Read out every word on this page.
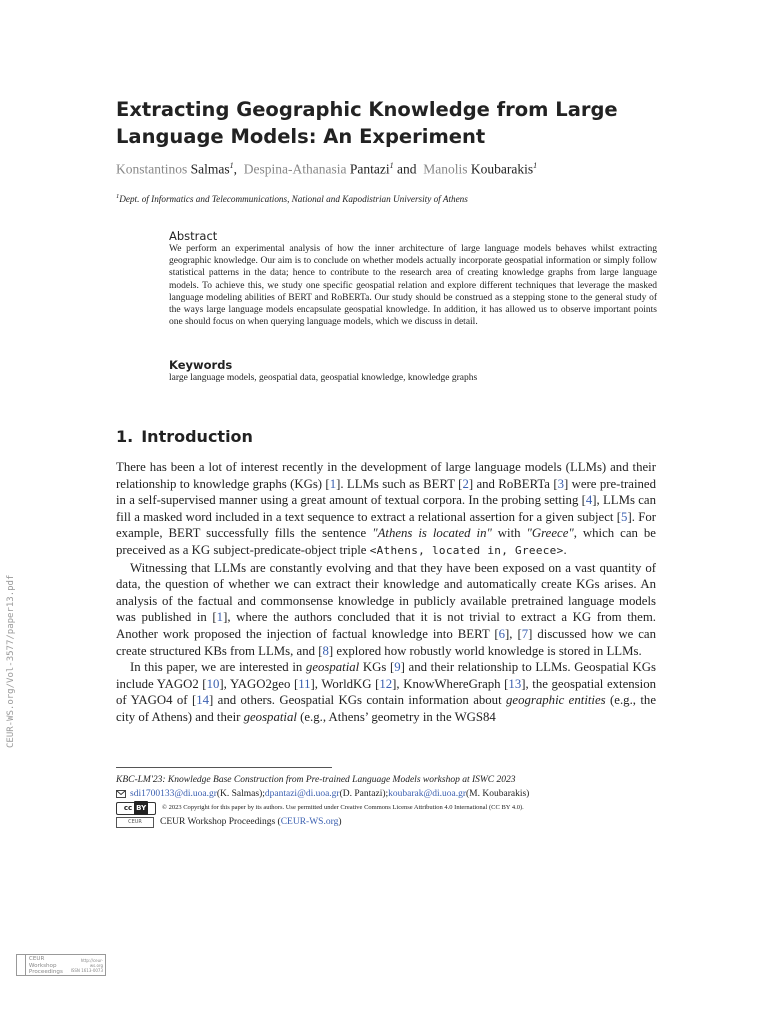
Extracting Geographic Knowledge from Large Language Models: An Experiment
Konstantinos Salmas$^1$, Despina-Athanasia Pantazi$^1$ and Manolis Koubarakis$^1$
$^1$Dept. of Informatics and Telecommunications, National and Kapodistrian University of Athens
Abstract
We perform an experimental analysis of how the inner architecture of large language models behaves whilst extracting geographic knowledge. Our aim is to conclude on whether models actually incorporate geospatial information or simply follow statistical patterns in the data; hence to contribute to the research area of creating knowledge graphs from large language models. To achieve this, we study one specific geospatial relation and explore different techniques that leverage the masked language modeling abilities of BERT and RoBERTa. Our study should be construed as a stepping stone to the general study of the ways large language models encapsulate geospatial knowledge. In addition, it has allowed us to observe important points one should focus on when querying language models, which we discuss in detail.
Keywords
large language models, geospatial data, geospatial knowledge, knowledge graphs
1. Introduction

There has been a lot of interest recently in the development of large language models (LLMs) and their relationship to knowledge graphs (KGs) [1]. LLMs such as BERT [2] and RoBERTa [3] were pre-trained in a self-supervised manner using a great amount of textual corpora. In the probing setting [4], LLMs can fill a masked word included in a text sequence to extract a relational assertion for a given subject [5]. For example, BERT successfully fills the sentence "Athens is located in" with "Greece", which can be preceived as a KG subject-predicate-object triple <Athens, located in, Greece>.

Witnessing that LLMs are constantly evolving and that they have been exposed on a vast quantity of data, the question of whether we can extract their knowledge and automatically create KGs arises. An analysis of the factual and commonsense knowledge in publicly available pretrained language models was published in [1], where the authors concluded that it is not trivial to extract a KG from them. Another work proposed the injection of factual knowledge into BERT [6], [7] discussed how we can create structured KBs from LLMs, and [8] explored how robustly world knowledge is stored in LLMs.

In this paper, we are interested in geospatial KGs [9] and their relationship to LLMs. Geospatial KGs include YAGO2 [10], YAGO2geo [11], WorldKG [12], KnowWhereGraph [13], the geospatial extension of YAGO4 of [14] and others. Geospatial KGs contain information about geographic entities (e.g., the city of Athens) and their geospatial (e.g., Athens’ geometry in the WGS84

KBC-LM'23: Knowledge Base Construction from Pre-trained Language Models workshop at ISWC 2023
sdi1700133@di.uoa.gr (K. Salmas); dpantazi@di.uoa.gr (D. Pantazi); koubarak@di.uoa.gr (M. Koubarakis)
cc BY	© 2023 Copyright for this paper by its authors. Use permitted under Creative Commons License Attribution 4.0 International (CC BY 4.0).
CEUR	CEUR Workshop Proceedings ( CEUR-WS.org )
CEUR-WS.org/Vol-3577/paper13.pdf
CEUR
Workshop
Proceedings
http://ceur-ws.org
ISSN 1613-0073
